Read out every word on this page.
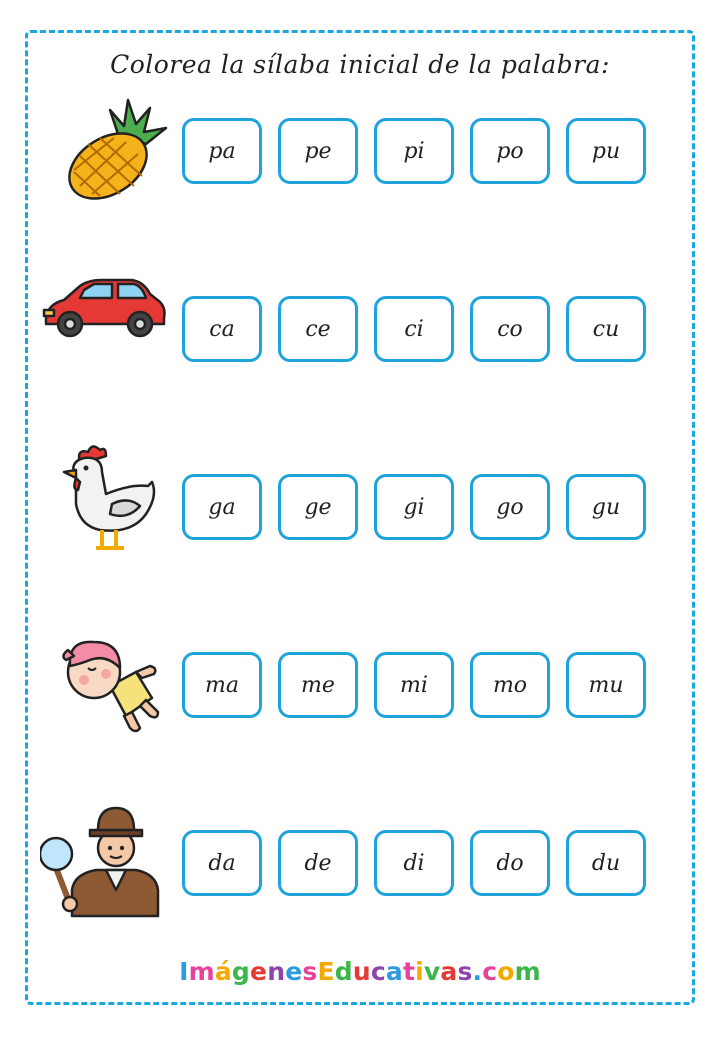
Colorea la sílaba inicial de la palabra:
pa	pe	pi	po	pu
ca	ce	ci	co	cu
ga	ge	gi	go	gu
ma	me	mi	mo	mu
da	de	di	do	du
ImágenesEducativas.com
